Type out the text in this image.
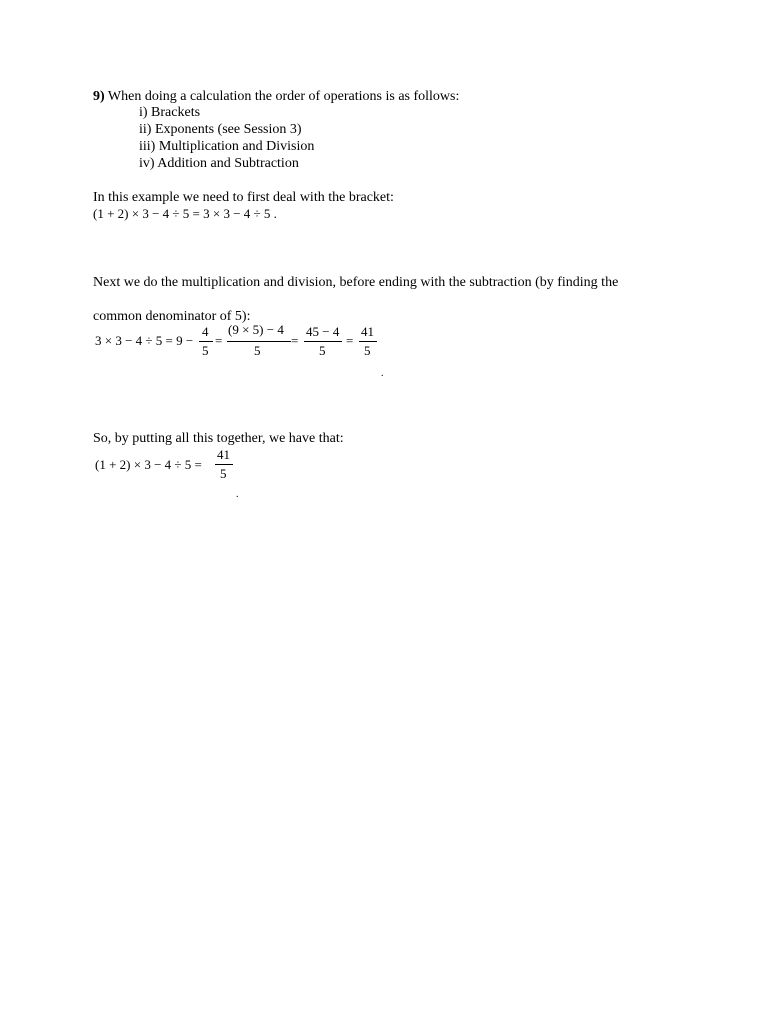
9) When doing a calculation the order of operations is as follows:
i) Brackets
ii) Exponents (see Session 3)
iii) Multiplication and Division
iv) Addition and Subtraction
In this example we need to first deal with the bracket:
(1 + 2) × 3 − 4 ÷ 5 = 3 × 3 − 4 ÷ 5 .
Next we do the multiplication and division, before ending with the subtraction (by finding the
common denominator of 5):
3 × 3 − 4 ÷ 5 = 9 −
4
5
=
(9 × 5) − 4
5
=
45 − 4
5
=
41
5
.
So, by putting all this together, we have that:
(1 + 2) × 3 − 4 ÷ 5 =
41
5
.
